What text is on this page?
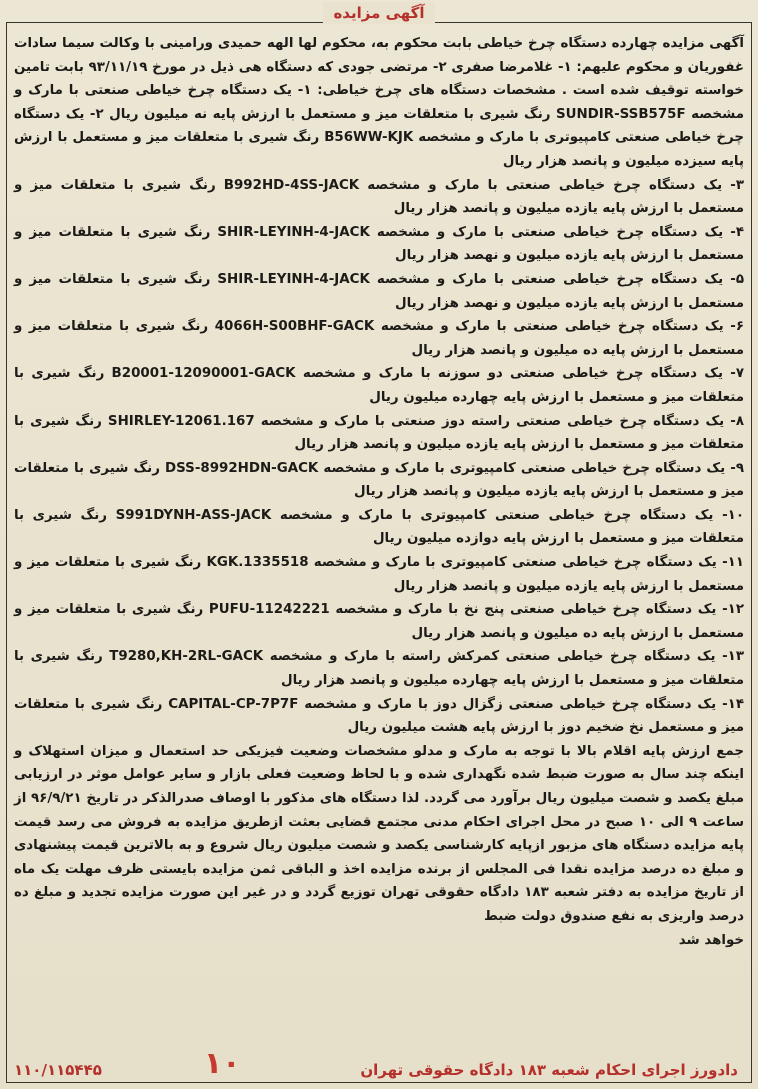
آگهی مزایده

آگهی مزایده چهارده دستگاه چرخ خیاطی بابت محکوم به، محکوم لها الهه حمیدی ورامینی با وکالت سیما سادات غفوریان و محکوم علیهم: ۱- غلامرضا صفری ۲- مرتضی جودی که دستگاه هی ذیل در مورخ ۹۳/۱۱/۱۹ بابت تامین خواسته توقیف شده است . مشخصات دستگاه های چرخ خیاطی: ۱- یک دستگاه چرخ خیاطی صنعتی با مارک و مشخصه SUNDIR-SSB575F رنگ شیری با متعلقات میز و مستعمل با ارزش پایه نه میلیون ریال ۲- یک دستگاه چرخ خیاطی صنعتی کامپیوتری با مارک و مشخصه B56WW-KJK رنگ شیری با متعلقات میز و مستعمل با ارزش پایه سیزده میلیون و پانصد هزار ریال

۳- یک دستگاه چرخ خیاطی صنعتی با مارک و مشخصه B992HD-4SS-JACK رنگ شیری با متعلقات میز و مستعمل با ارزش پایه یازده میلیون و پانصد هزار ریال

۴- یک دستگاه چرخ خیاطی صنعتی با مارک و مشخصه SHIR-LEYINH-4-JACK رنگ شیری با متعلقات میز و مستعمل با ارزش پایه یازده میلیون و نهصد هزار ریال

۵- یک دستگاه چرخ خیاطی صنعتی با مارک و مشخصه SHIR-LEYINH-4-JACK رنگ شیری با متعلقات میز و مستعمل با ارزش پایه یازده میلیون و نهصد هزار ریال

۶- یک دستگاه چرخ خیاطی صنعتی با مارک و مشخصه 4066H-S00BHF-GACK رنگ شیری با متعلقات میز و مستعمل با ارزش پایه ده میلیون و پانصد هزار ریال

۷- یک دستگاه چرخ خیاطی صنعتی دو سوزنه با مارک و مشخصه B20001-12090001-GACK رنگ شیری با متعلقات میز و مستعمل با ارزش پایه چهارده میلیون ریال

۸- یک دستگاه چرخ خیاطی صنعتی راسته دوز صنعتی با مارک و مشخصه SHIRLEY-12061.167 رنگ شیری با متعلقات میز و مستعمل با ارزش پایه یازده میلیون و پانصد هزار ریال

۹- یک دستگاه چرخ خیاطی صنعتی کامپیوتری با مارک و مشخصه DSS-8992HDN-GACK رنگ شیری با متعلقات میز و مستعمل با ارزش پایه یازده میلیون و پانصد هزار ریال

۱۰- یک دستگاه چرخ خیاطی صنعتی کامپیوتری با مارک و مشخصه S991DYNH-ASS-JACK رنگ شیری با متعلقات میز و مستعمل با ارزش پایه دوازده میلیون ریال

۱۱- یک دستگاه چرخ خیاطی صنعتی کامپیوتری با مارک و مشخصه KGK.1335518 رنگ شیری با متعلقات میز و مستعمل با ارزش پایه یازده میلیون و پانصد هزار ریال

۱۲- یک دستگاه چرخ خیاطی صنعتی پنج نخ با مارک و مشخصه PUFU-11242221 رنگ شیری با متعلقات میز و مستعمل با ارزش پایه ده میلیون و پانصد هزار ریال

۱۳- یک دستگاه چرخ خیاطی صنعتی کمرکش راسته با مارک و مشخصه T9280,KH-2RL-GACK رنگ شیری با متعلقات میز و مستعمل با ارزش پایه چهارده میلیون و پانصد هزار ریال

۱۴- یک دستگاه چرخ خیاطی صنعتی زگزال دوز با مارک و مشخصه CAPITAL-CP-7P7F رنگ شیری با متعلقات میز و مستعمل نخ ضخیم دوز با ارزش پایه هشت میلیون ریال

جمع ارزش پایه اقلام بالا با توجه به مارک و مدلو مشخصات وضعیت فیزیکی حد استعمال و میزان استهلاک و اینکه چند سال به صورت ضبط شده نگهداری شده و با لحاظ وضعیت فعلی بازار و سایر عوامل موثر در ارزیابی مبلغ یکصد و شصت میلیون ریال برآورد می گردد. لذا دستگاه های مذکور با اوصاف صدرالذکر در تاریخ ۹۶/۹/۲۱ از ساعت ۹ الی ۱۰ صبح در محل اجرای احکام مدنی مجتمع قضایی بعثت ازطریق مزایده به فروش می رسد قیمت پایه مزایده دستگاه های مزبور ازپایه کارشناسی یکصد و شصت میلیون ریال شروع و به بالاترین قیمت پیشنهادی و مبلغ ده درصد مزایده نقدا فی المجلس از برنده مزایده اخذ و الباقی ثمن مزایده بایستی ظرف مهلت یک ماه از تاریخ مزایده به دفتر شعبه ۱۸۳ دادگاه حقوقی تهران توزیع گردد و در غیر این صورت مزایده تجدید و مبلغ ده درصد واریزی به نفع صندوق دولت ضبط

خواهد شد

۱۱۰/۱۱۵۴۴۵	۱۰	دادورز اجرای احکام شعبه ۱۸۳ دادگاه حقوقی تهران
